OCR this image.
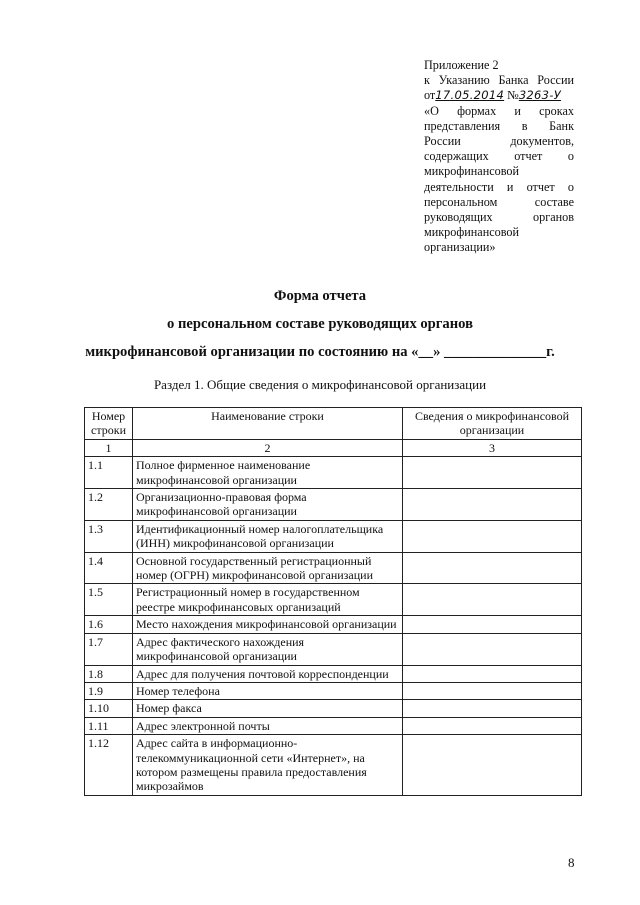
Приложение 2
к Указанию Банка России
от17.05.2014 №3263-У
«О формах и сроках
представления в Банк
России документов,
содержащих отчет о
микрофинансовой
деятельности и отчет о
персональном составе
руководящих органов
микрофинансовой
организации»
Форма отчета
о персональном составе руководящих органов
микрофинансовой организации по состоянию на «__» ______________г.
Раздел 1. Общие сведения о микрофинансовой организации
Номер строки	Наименование строки	Сведения о микрофинансовой организации
1	2	3
1.1	Полное фирменное наименование микрофинансовой организации	
1.2	Организационно-правовая форма микрофинансовой организации	
1.3	Идентификационный номер налогоплательщика (ИНН) микрофинансовой организации	
1.4	Основной государственный регистрационный номер (ОГРН) микрофинансовой организации	
1.5	Регистрационный номер в государственном реестре микрофинансовых организаций	
1.6	Место нахождения микрофинансовой организации	
1.7	Адрес фактического нахождения микрофинансовой организации	
1.8	Адрес для получения почтовой корреспонденции	
1.9	Номер телефона	
1.10	Номер факса	
1.11	Адрес электронной почты	
1.12	Адрес сайта в информационно-телекоммуникационной сети «Интернет», на котором размещены правила предоставления микрозаймов	
8
